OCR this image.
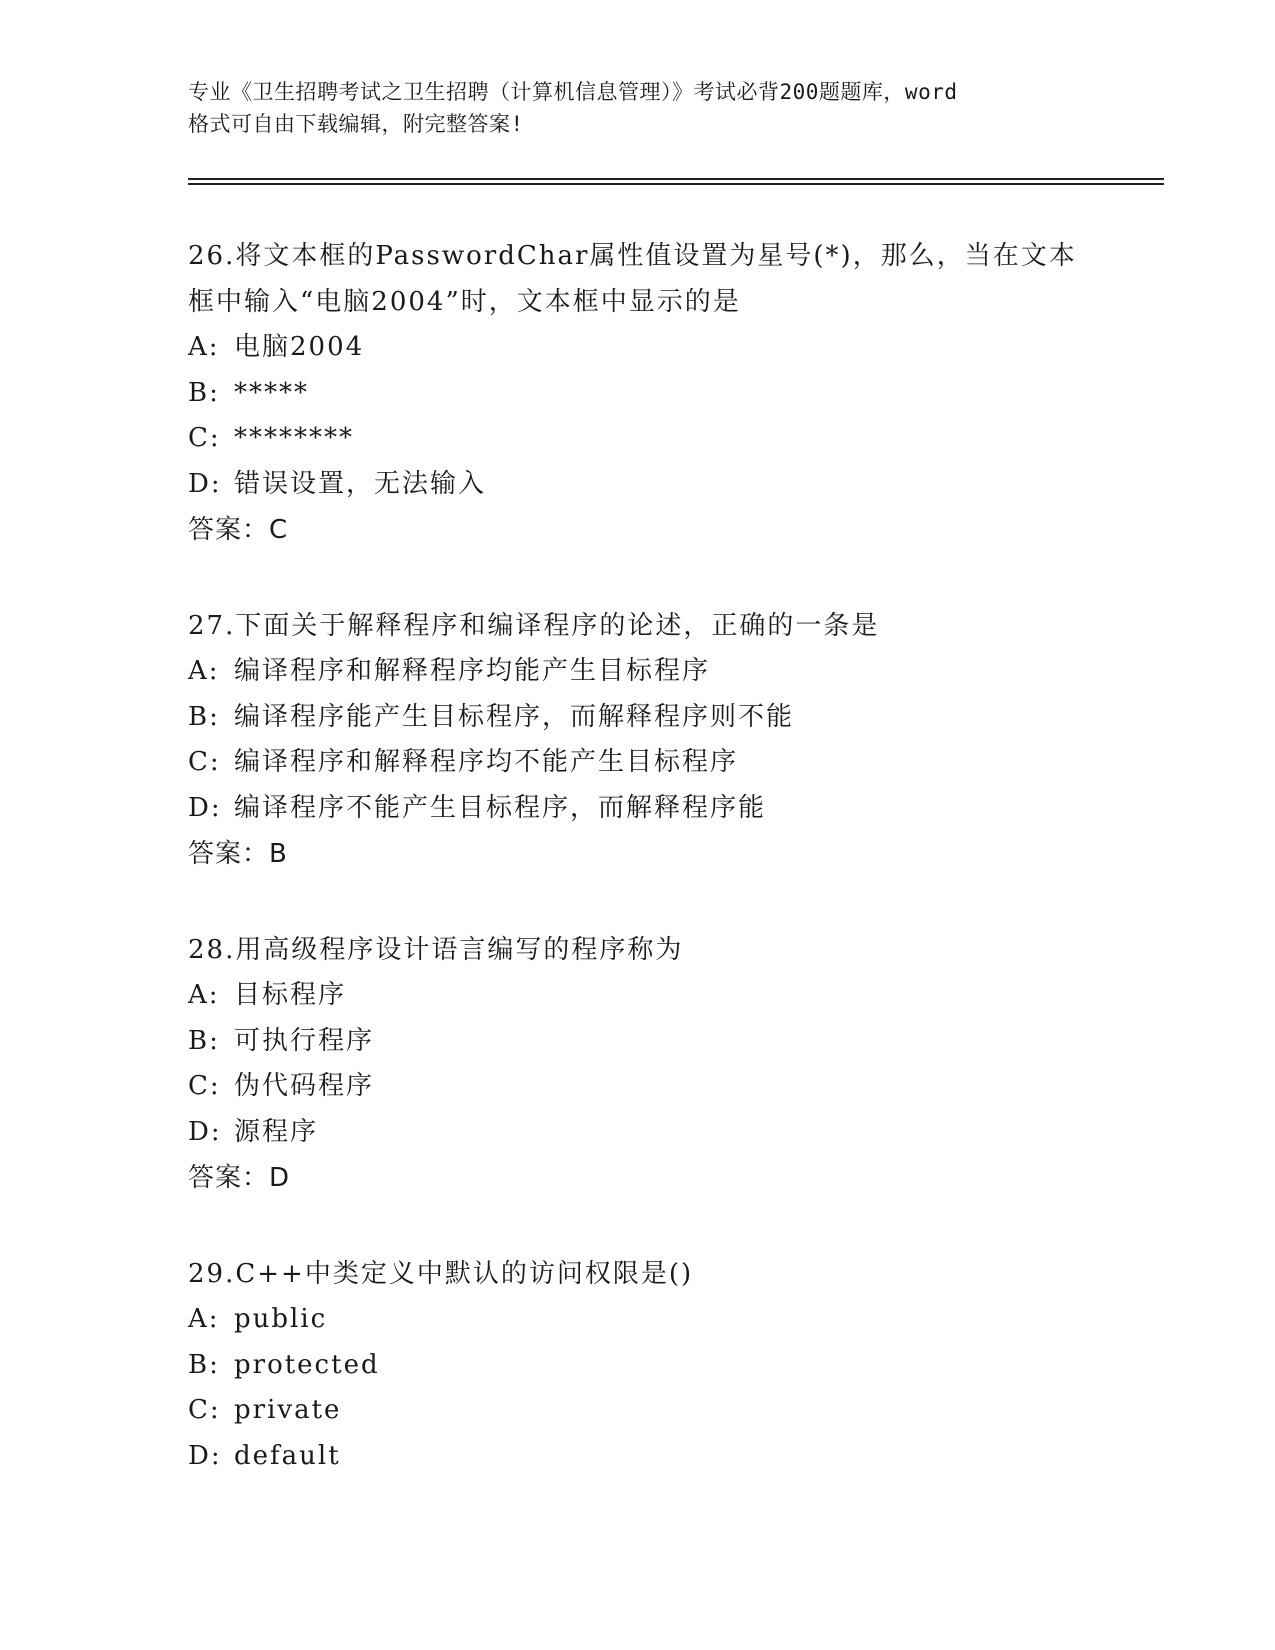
专业《卫生招聘考试之卫生招聘（计算机信息管理）》考试必背200题题库，word
格式可自由下载编辑，附完整答案!
26.将文本框的PasswordChar属性值设置为星号(*)，那么，当在文本
框中输入“电脑2004”时，文本框中显示的是
A: 电脑2004
B: *****
C: ********
D: 错误设置，无法输入
答案：C
27.下面关于解释程序和编译程序的论述，正确的一条是
A: 编译程序和解释程序均能产生目标程序
B: 编译程序能产生目标程序，而解释程序则不能
C: 编译程序和解释程序均不能产生目标程序
D: 编译程序不能产生目标程序，而解释程序能
答案：B
28.用高级程序设计语言编写的程序称为
A: 目标程序
B: 可执行程序
C: 伪代码程序
D: 源程序
答案：D
29.C++中类定义中默认的访问权限是()
A: public
B: protected
C: private
D: default
